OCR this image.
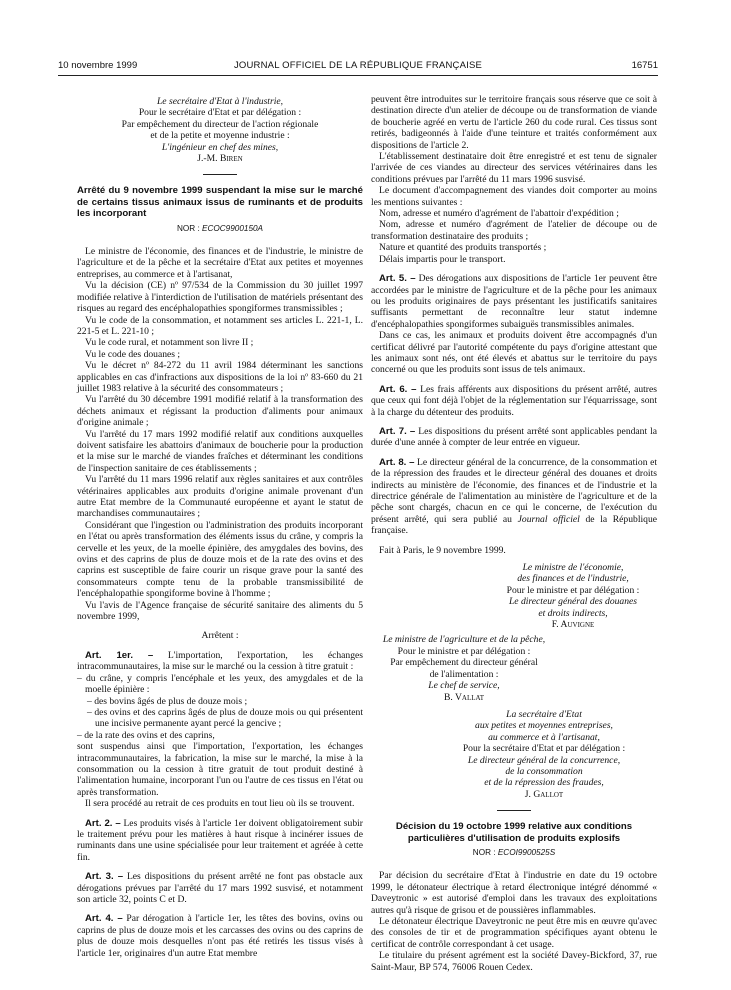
10 novembre 1999	JOURNAL OFFICIEL DE LA RÉPUBLIQUE FRANÇAISE	16751

Le secrétaire d'Etat à l'industrie,

Pour le secrétaire d'Etat et par délégation :

Par empêchement du directeur de l'action régionale

et de la petite et moyenne industrie :

L'ingénieur en chef des mines,

J.-M. Biren

Arrêté du 9 novembre 1999 suspendant la mise sur le marché de certains tissus animaux issus de ruminants et de produits les incorporant

NOR : ECOC9900150A

Le ministre de l'économie, des finances et de l'industrie, le ministre de l'agriculture et de la pêche et la secrétaire d'Etat aux petites et moyennes entreprises, au commerce et à l'artisanat,

Vu la décision (CE) nº 97/534 de la Commission du 30 juillet 1997 modifiée relative à l'interdiction de l'utilisation de matériels présentant des risques au regard des encéphalopathies spongiformes transmissibles ;

Vu le code de la consommation, et notamment ses articles L. 221-1, L. 221-5 et L. 221-10 ;

Vu le code rural, et notamment son livre II ;

Vu le code des douanes ;

Vu le décret nº 84-272 du 11 avril 1984 déterminant les sanctions applicables en cas d'infractions aux dispositions de la loi nº 83-660 du 21 juillet 1983 relative à la sécurité des consommateurs ;

Vu l'arrêté du 30 décembre 1991 modifié relatif à la transformation des déchets animaux et régissant la production d'aliments pour animaux d'origine animale ;

Vu l'arrêté du 17 mars 1992 modifié relatif aux conditions auxquelles doivent satisfaire les abattoirs d'animaux de boucherie pour la production et la mise sur le marché de viandes fraîches et déterminant les conditions de l'inspection sanitaire de ces établissements ;

Vu l'arrêté du 11 mars 1996 relatif aux règles sanitaires et aux contrôles vétérinaires applicables aux produits d'origine animale provenant d'un autre Etat membre de la Communauté européenne et ayant le statut de marchandises communautaires ;

Considérant que l'ingestion ou l'administration des produits incorporant en l'état ou après transformation des éléments issus du crâne, y compris la cervelle et les yeux, de la moelle épinière, des amygdales des bovins, des ovins et des caprins de plus de douze mois et de la rate des ovins et des caprins est susceptible de faire courir un risque grave pour la santé des consommateurs compte tenu de la probable transmissibilité de l'encéphalopathie spongiforme bovine à l'homme ;

Vu l'avis de l'Agence française de sécurité sanitaire des aliments du 5 novembre 1999,

Arrêtent :

Art. 1er. – L'importation, l'exportation, les échanges intracommunautaires, la mise sur le marché ou la cession à titre gratuit :

– du crâne, y compris l'encéphale et les yeux, des amygdales et de la moelle épinière :

– des bovins âgés de plus de douze mois ;

– des ovins et des caprins âgés de plus de douze mois ou qui présentent une incisive permanente ayant percé la gencive ;

– de la rate des ovins et des caprins,

sont suspendus ainsi que l'importation, l'exportation, les échanges intracommunautaires, la fabrication, la mise sur le marché, la mise à la consommation ou la cession à titre gratuit de tout produit destiné à l'alimentation humaine, incorporant l'un ou l'autre de ces tissus en l'état ou après transformation.

Il sera procédé au retrait de ces produits en tout lieu où ils se trouvent.

Art. 2. – Les produits visés à l'article 1er doivent obligatoirement subir le traitement prévu pour les matières à haut risque à incinérer issues de ruminants dans une usine spécialisée pour leur traitement et agréée à cette fin.

Art. 3. – Les dispositions du présent arrêté ne font pas obstacle aux dérogations prévues par l'arrêté du 17 mars 1992 susvisé, et notamment son article 32, points C et D.

Art. 4. – Par dérogation à l'article 1er, les têtes des bovins, ovins ou caprins de plus de douze mois et les carcasses des ovins ou des caprins de plus de douze mois desquelles n'ont pas été retirés les tissus visés à l'article 1er, originaires d'un autre Etat membre

peuvent être introduites sur le territoire français sous réserve que ce soit à destination directe d'un atelier de découpe ou de transformation de viande de boucherie agréé en vertu de l'article 260 du code rural. Ces tissus sont retirés, badigeonnés à l'aide d'une teinture et traités conformément aux dispositions de l'article 2.

L'établissement destinataire doit être enregistré et est tenu de signaler l'arrivée de ces viandes au directeur des services vétérinaires dans les conditions prévues par l'arrêté du 11 mars 1996 susvisé.

Le document d'accompagnement des viandes doit comporter au moins les mentions suivantes :

Nom, adresse et numéro d'agrément de l'abattoir d'expédition ;

Nom, adresse et numéro d'agrément de l'atelier de découpe ou de transformation destinataire des produits ;

Nature et quantité des produits transportés ;

Délais impartis pour le transport.

Art. 5. – Des dérogations aux dispositions de l'article 1er peuvent être accordées par le ministre de l'agriculture et de la pêche pour les animaux ou les produits originaires de pays présentant les justificatifs sanitaires suffisants permettant de reconnaître leur statut indemne d'encéphalopathies spongiformes subaiguës transmissibles animales.

Dans ce cas, les animaux et produits doivent être accompagnés d'un certificat délivré par l'autorité compétente du pays d'origine attestant que les animaux sont nés, ont été élevés et abattus sur le territoire du pays concerné ou que les produits sont issus de tels animaux.

Art. 6. – Les frais afférents aux dispositions du présent arrêté, autres que ceux qui font déjà l'objet de la réglementation sur l'équarrissage, sont à la charge du détenteur des produits.

Art. 7. – Les dispositions du présent arrêté sont applicables pendant la durée d'une année à compter de leur entrée en vigueur.

Art. 8. – Le directeur général de la concurrence, de la consommation et de la répression des fraudes et le directeur général des douanes et droits indirects au ministère de l'économie, des finances et de l'industrie et la directrice générale de l'alimentation au ministère de l'agriculture et de la pêche sont chargés, chacun en ce qui le concerne, de l'exécution du présent arrêté, qui sera publié au Journal officiel de la République française.

Fait à Paris, le 9 novembre 1999.

Le ministre de l'économie,

des finances et de l'industrie,

Pour le ministre et par délégation :

Le directeur général des douanes

et droits indirects,

F. Auvigne

Le ministre de l'agriculture et de la pêche,

Pour le ministre et par délégation :

Par empêchement du directeur général

de l'alimentation :

Le chef de service,

B. Vallat

La secrétaire d'Etat

aux petites et moyennes entreprises,

au commerce et à l'artisanat,

Pour la secrétaire d'Etat et par délégation :

Le directeur général de la concurrence,

de la consommation

et de la répression des fraudes,

J. Gallot

Décision du 19 octobre 1999 relative aux conditions particulières d'utilisation de produits explosifs

NOR : ECOI9900525S

Par décision du secrétaire d'Etat à l'industrie en date du 19 octobre 1999, le détonateur électrique à retard électronique intégré dénommé « Daveytronic » est autorisé d'emploi dans les travaux des exploitations autres qu'à risque de grisou et de poussières inflammables.

Le détonateur électrique Daveytronic ne peut être mis en œuvre qu'avec des consoles de tir et de programmation spécifiques ayant obtenu le certificat de contrôle correspondant à cet usage.

Le titulaire du présent agrément est la société Davey-Bickford, 37, rue Saint-Maur, BP 574, 76006 Rouen Cedex.
